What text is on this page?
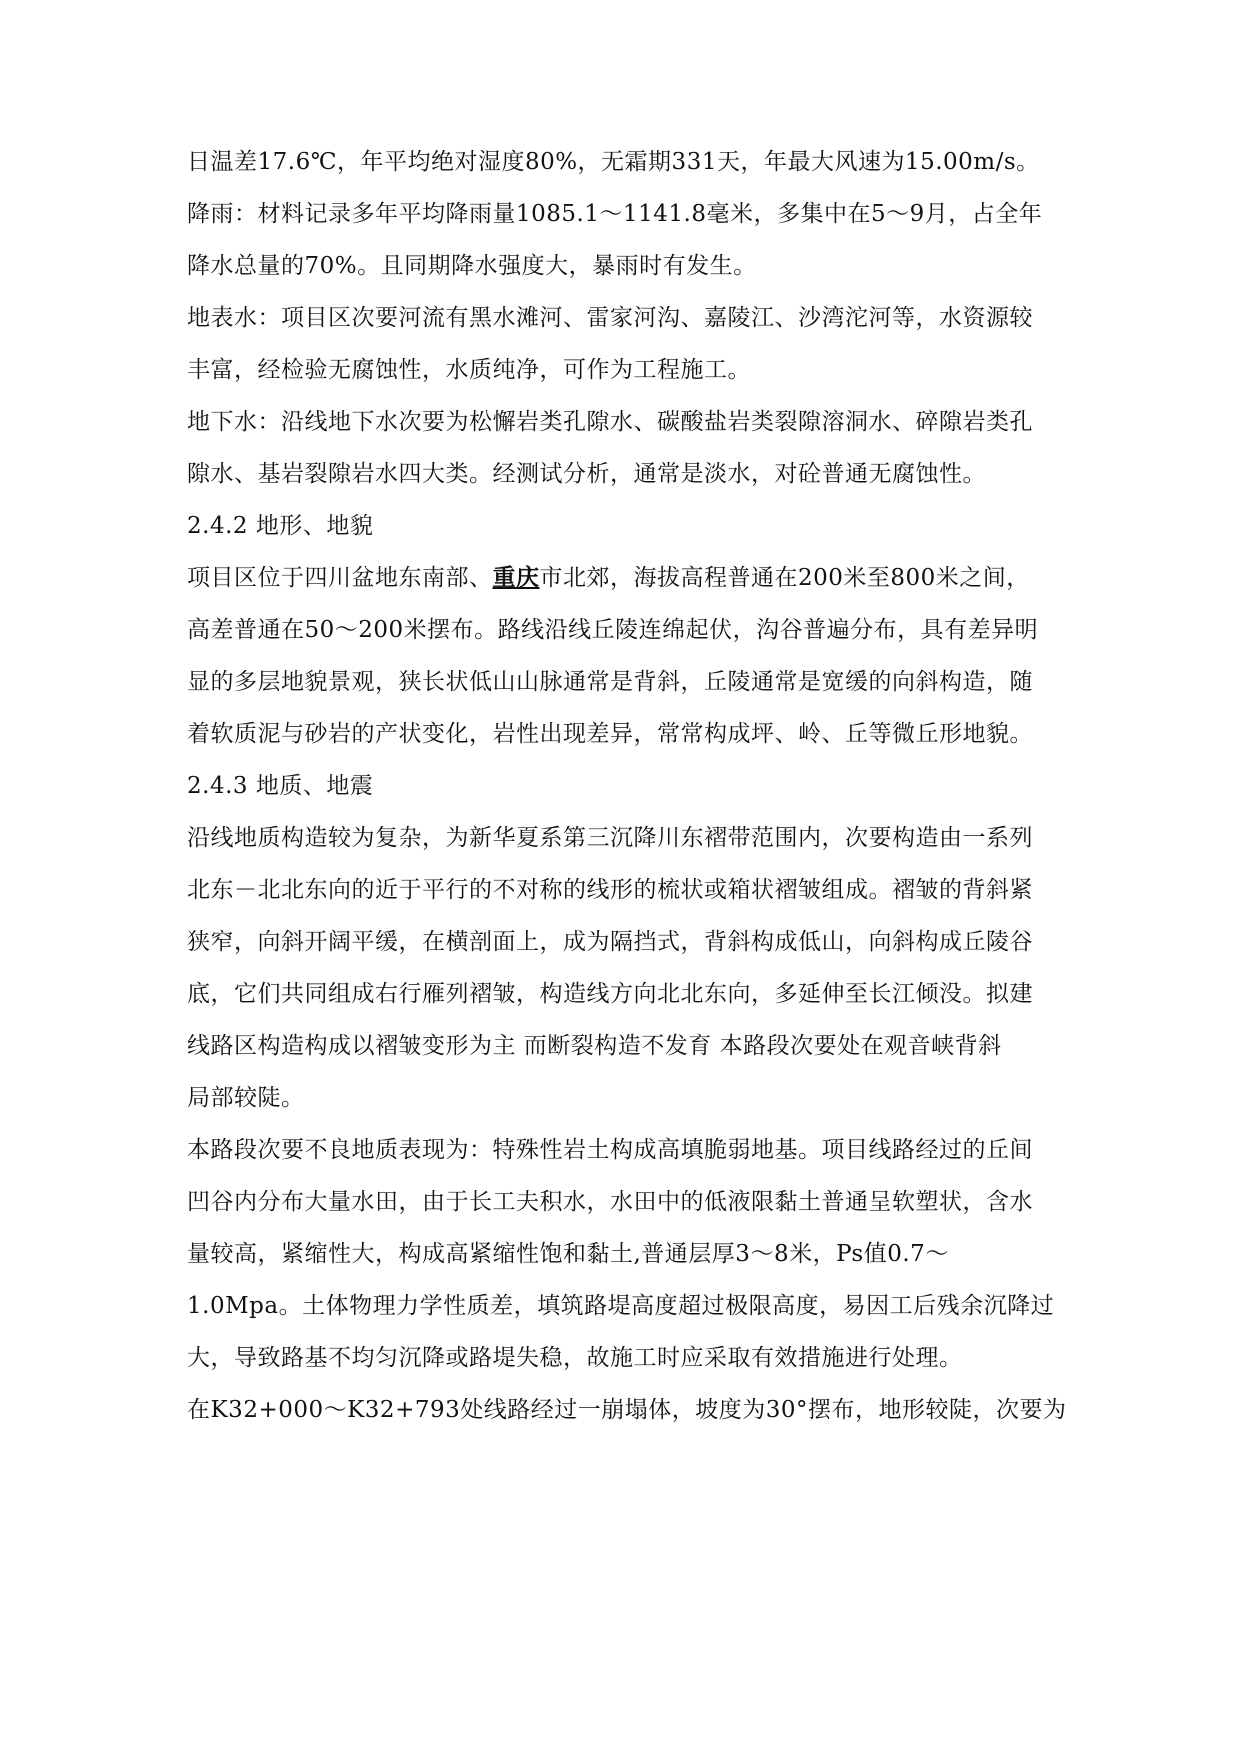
日温差17.6℃，年平均绝对湿度80%，无霜期331天，年最大风速为15.00m/s。
降雨：材料记录多年平均降雨量1085.1～1141.8毫米，多集中在5～9月，占全年
降水总量的70%。且同期降水强度大，暴雨时有发生。
地表水：项目区次要河流有黑水滩河、雷家河沟、嘉陵江、沙湾沱河等，水资源较
丰富，经检验无腐蚀性，水质纯净，可作为工程施工。
地下水：沿线地下水次要为松懈岩类孔隙水、碳酸盐岩类裂隙溶洞水、碎隙岩类孔
隙水、基岩裂隙岩水四大类。经测试分析，通常是淡水，对砼普通无腐蚀性。
2.4.2 地形、地貌
项目区位于四川盆地东南部、重庆市北郊，海拔高程普通在200米至800米之间，
高差普通在50～200米摆布。路线沿线丘陵连绵起伏，沟谷普遍分布，具有差异明
显的多层地貌景观，狭长状低山山脉通常是背斜，丘陵通常是宽缓的向斜构造，随
着软质泥与砂岩的产状变化，岩性出现差异，常常构成坪、岭、丘等微丘形地貌。
2.4.3 地质、地震
沿线地质构造较为复杂，为新华夏系第三沉降川东褶带范围内，次要构造由一系列
北东－北北东向的近于平行的不对称的线形的梳状或箱状褶皱组成。褶皱的背斜紧
狭窄，向斜开阔平缓，在横剖面上，成为隔挡式，背斜构成低山，向斜构成丘陵谷
底，它们共同组成右行雁列褶皱，构造线方向北北东向，多延伸至长江倾没。拟建
线路区构造构成以褶皱变形为主 而断裂构造不发育 本路段次要处在观音峡背斜
局部较陡。
本路段次要不良地质表现为：特殊性岩土构成高填脆弱地基。项目线路经过的丘间
凹谷内分布大量水田，由于长工夫积水，水田中的低液限黏土普通呈软塑状，含水
量较高，紧缩性大，构成高紧缩性饱和黏土,普通层厚3～8米，Ps值0.7～
1.0Mpa。土体物理力学性质差，填筑路堤高度超过极限高度，易因工后残余沉降过
大，导致路基不均匀沉降或路堤失稳，故施工时应采取有效措施进行处理。
在K32+000～K32+793处线路经过一崩塌体，坡度为30°摆布，地形较陡，次要为
